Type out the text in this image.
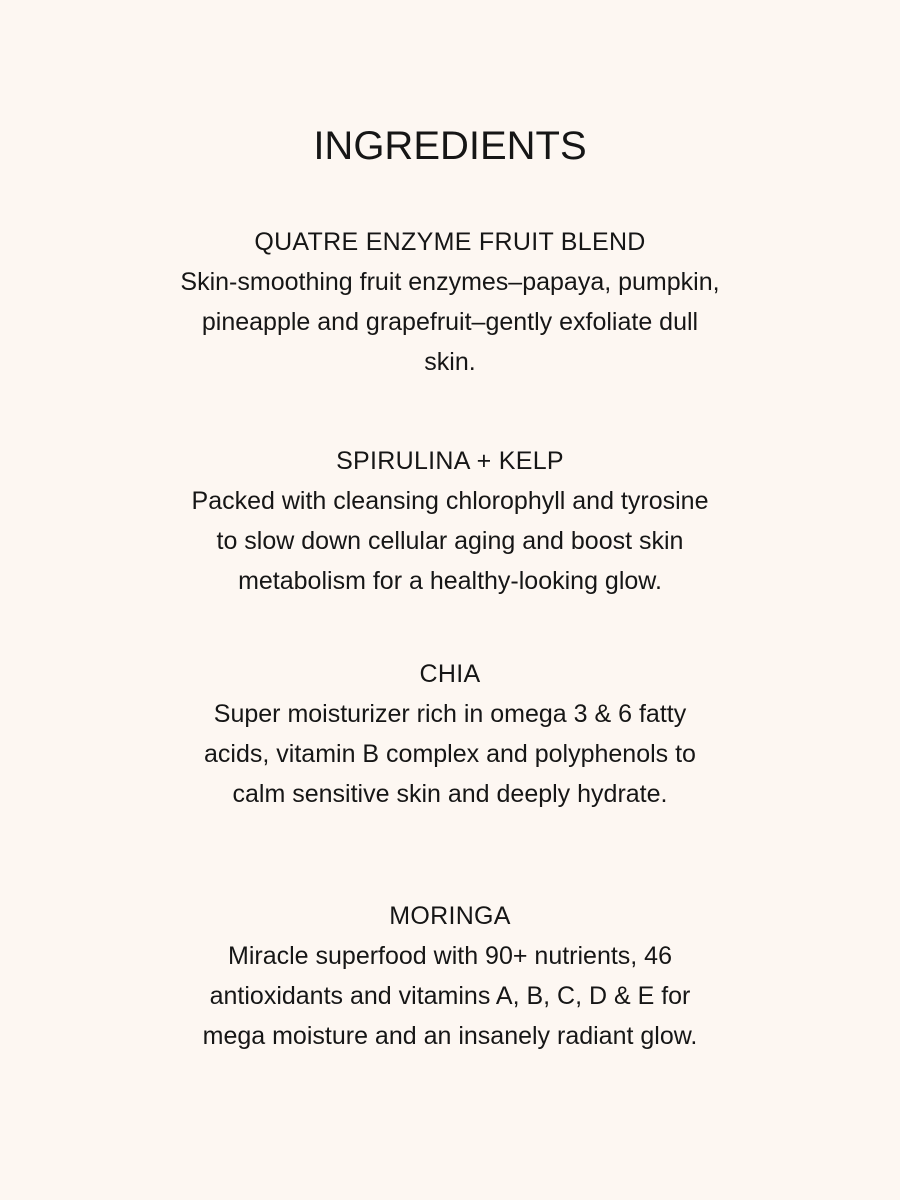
INGREDIENTS
QUATRE ENZYME FRUIT BLEND
Skin-smoothing fruit enzymes–papaya, pumpkin,
pineapple and grapefruit–gently exfoliate dull
skin.
SPIRULINA + KELP
Packed with cleansing chlorophyll and tyrosine
to slow down cellular aging and boost skin
metabolism for a healthy-looking glow.
CHIA
Super moisturizer rich in omega 3 & 6 fatty
acids, vitamin B complex and polyphenols to
calm sensitive skin and deeply hydrate.
MORINGA
Miracle superfood with 90+ nutrients, 46
antioxidants and vitamins A, B, C, D & E for
mega moisture and an insanely radiant glow.
